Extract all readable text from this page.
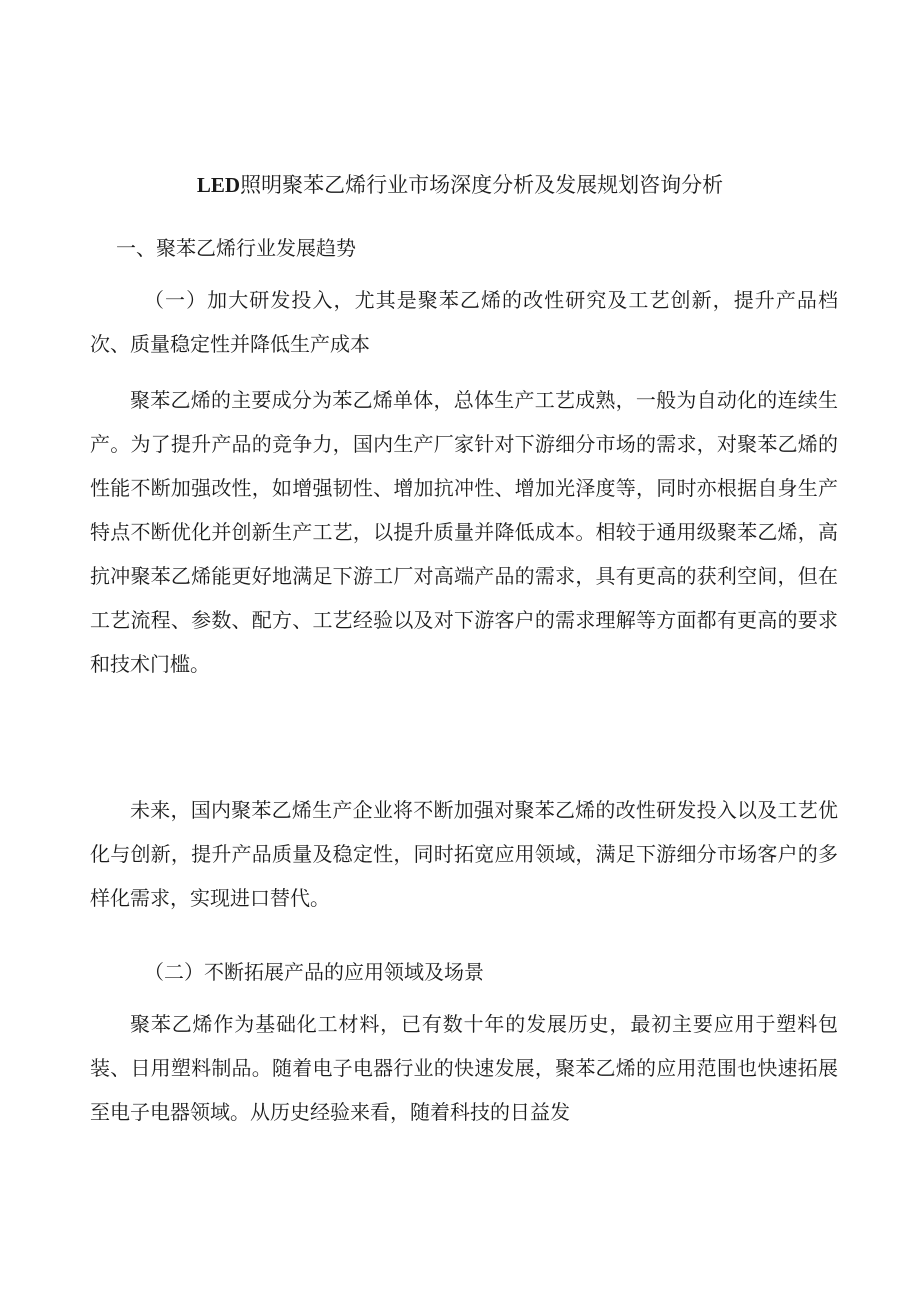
LED照明聚苯乙烯行业市场深度分析及发展规划咨询分析

一、聚苯乙烯行业发展趋势

（一）加大研发投入，尤其是聚苯乙烯的改性研究及工艺创新，提升产品档次、质量稳定性并降低生产成本

聚苯乙烯的主要成分为苯乙烯单体，总体生产工艺成熟，一般为自动化的连续生产。为了提升产品的竞争力，国内生产厂家针对下游细分市场的需求，对聚苯乙烯的性能不断加强改性，如增强韧性、增加抗冲性、增加光泽度等，同时亦根据自身生产特点不断优化并创新生产工艺，以提升质量并降低成本。相较于通用级聚苯乙烯，高抗冲聚苯乙烯能更好地满足下游工厂对高端产品的需求，具有更高的获利空间，但在工艺流程、参数、配方、工艺经验以及对下游客户的需求理解等方面都有更高的要求和技术门槛。

未来，国内聚苯乙烯生产企业将不断加强对聚苯乙烯的改性研发投入以及工艺优化与创新，提升产品质量及稳定性，同时拓宽应用领域，满足下游细分市场客户的多样化需求，实现进口替代。

（二）不断拓展产品的应用领域及场景

聚苯乙烯作为基础化工材料，已有数十年的发展历史，最初主要应用于塑料包装、日用塑料制品。随着电子电器行业的快速发展，聚苯乙烯的应用范围也快速拓展至电子电器领域。从历史经验来看，随着科技的日益发
